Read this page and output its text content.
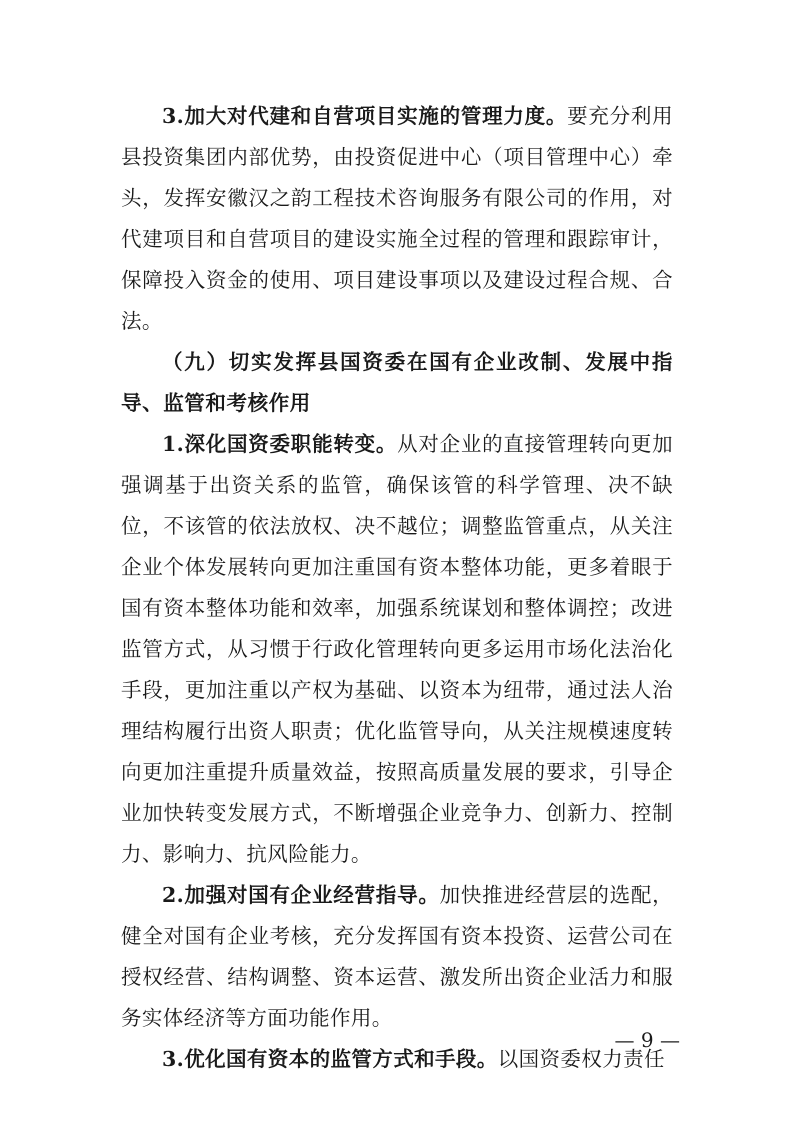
3.加大对代建和自营项目实施的管理力度。要充分利用县投资集团内部优势，由投资促进中心（项目管理中心）牵头，发挥安徽汉之韵工程技术咨询服务有限公司的作用，对代建项目和自营项目的建设实施全过程的管理和跟踪审计，保障投入资金的使用、项目建设事项以及建设过程合规、合法。

（九）切实发挥县国资委在国有企业改制、发展中指导、监管和考核作用

1.深化国资委职能转变。从对企业的直接管理转向更加强调基于出资关系的监管，确保该管的科学管理、决不缺位，不该管的依法放权、决不越位；调整监管重点，从关注企业个体发展转向更加注重国有资本整体功能，更多着眼于国有资本整体功能和效率，加强系统谋划和整体调控；改进监管方式，从习惯于行政化管理转向更多运用市场化法治化手段，更加注重以产权为基础、以资本为纽带，通过法人治理结构履行出资人职责；优化监管导向，从关注规模速度转向更加注重提升质量效益，按照高质量发展的要求，引导企业加快转变发展方式，不断增强企业竞争力、创新力、控制力、影响力、抗风险能力。

2.加强对国有企业经营指导。加快推进经营层的选配，健全对国有企业考核，充分发挥国有资本投资、运营公司在授权经营、结构调整、资本运营、激发所出资企业活力和服务实体经济等方面功能作用。

3.优化国有资本的监管方式和手段。以国资委权力责任

— 9 —
